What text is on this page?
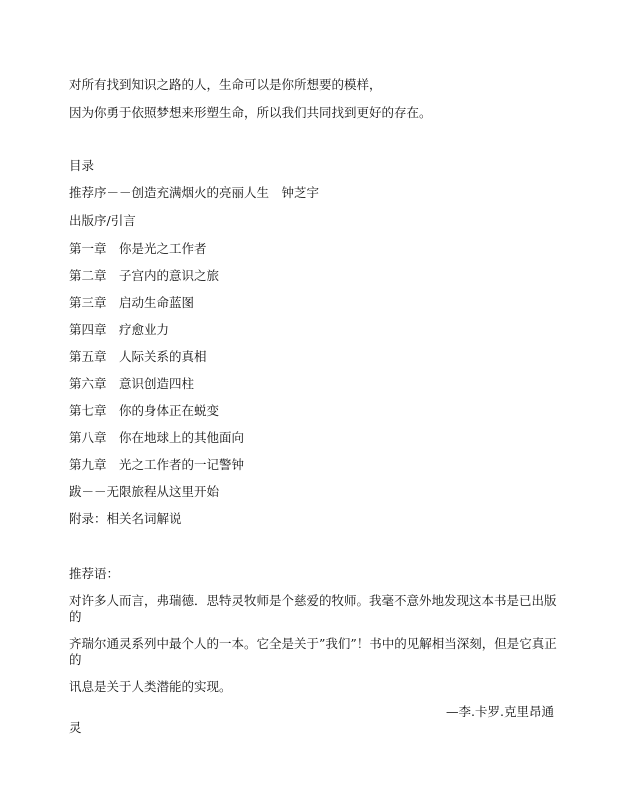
对所有找到知识之路的人，生命可以是你所想要的模样，
因为你勇于依照梦想来形塑生命，所以我们共同找到更好的存在。
目录
推荐序－－创造充满烟火的亮丽人生　钟芝宇
出版序/引言
第一章 你是光之工作者
第二章 子宫内的意识之旅
第三章 启动生命蓝图
第四章 疗愈业力
第五章 人际关系的真相
第六章 意识创造四柱
第七章 你的身体正在蜕变
第八章 你在地球上的其他面向
第九章 光之工作者的一记警钟
跋－－无限旅程从这里开始
附录：相关名词解说
推荐语：
对许多人而言，弗瑞德．思特灵牧师是个慈爱的牧师。我毫不意外地发现这本书是已出版
的
齐瑞尔通灵系列中最个人的一本。它全是关于”我们”！书中的见解相当深刻，但是它真正
的
讯息是关于人类潜能的实现。
—李.卡罗.克里昂通
灵
